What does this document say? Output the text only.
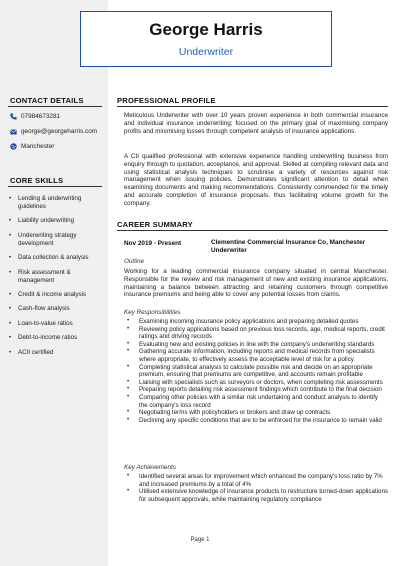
George Harris
Underwriter
CONTACT DETAILS
07984673281
george@georgeharris.com
Manchester
CORE SKILLS
• Lending & underwriting guidelines
• Liability underwriting
• Underwriting strategy development
• Data collection & analysis
• Risk assessment & management
• Credit & income analysis
• Cash-flow analysis
• Loan-to-value ratios
• Debt-to-income ratios
• ACII certified
PROFESSIONAL PROFILE
Meticulous Underwriter with over 10 years proven experience in both commercial insurance and individual insurance underwriting; focused on the primary goal of maximising company profits and minimising losses through competent analysis of insurance applications.
A CII qualified professional with extensive experience handling underwriting business from enquiry through to quotation, acceptance, and approval. Skilled at compiling relevant data and using statistical analysis techniques to scrutinise a variety of resources against risk management when issuing policies. Demonstrates significant attention to detail when examining documents and making recommendations. Consistently commended for the timely and accurate completion of insurance proposals, thus facilitating volume growth for the company.
CAREER SUMMARY
Nov 2019 - Present	Clementine Commercial Insurance Co, Manchester
Underwriter
Outline
Working for a leading commercial insurance company situated in central Manchester. Responsible for the review and risk management of new and existing insurance applications, maintaining a balance between attracting and retaining customers through competitive insurance premiums and being able to cover any potential losses from claims.
Key Responsibilities
• Examining incoming insurance policy applications and preparing detailed quotes
• Reviewing policy applications based on previous loss records, age, medical reports, credit ratings and driving records
• Evaluating new and existing policies in line with the company's underwriting standards
• Gathering accurate information, including reports and medical records from specialists where appropriate, to effectively assess the acceptable level of risk for a policy
• Completing statistical analysis to calculate possible risk and decide on an appropriate premium, ensuring that premiums are competitive, and accounts remain profitable
• Liaising with specialists such as surveyors or doctors, when completing risk assessments
• Preparing reports detailing risk assessment findings which contribute to the final decision
• Comparing other policies with a similar risk undertaking and conduct analysis to identify the company's loss record
• Negotiating terms with policyholders or brokers and draw up contracts
• Declining any specific conditions that are to be enforced for the insurance to remain valid
Key Achievements
• Identified several areas for improvement which enhanced the company's loss ratio by 7% and increased premiums by a total of 4%
• Utilised extensive knowledge of insurance products to restructure turned-down applications for subsequent approvals, while maintaining regulatory compliance
Page 1
